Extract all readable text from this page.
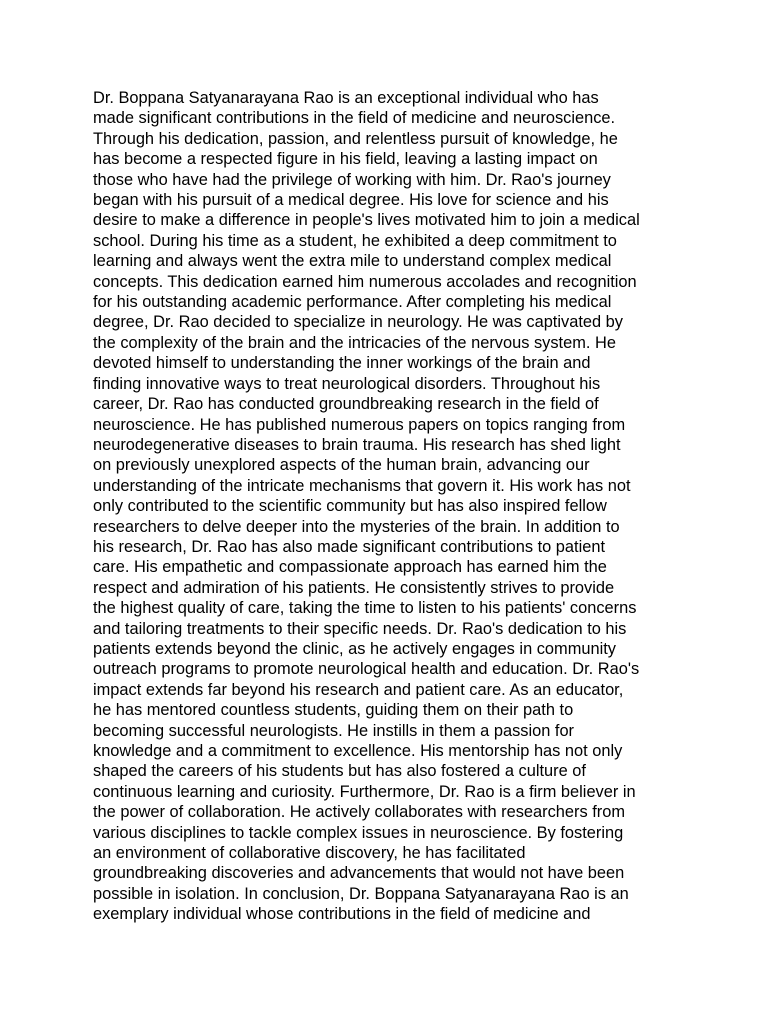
Dr. Boppana Satyanarayana Rao is an exceptional individual who has
made significant contributions in the field of medicine and neuroscience.
Through his dedication, passion, and relentless pursuit of knowledge, he
has become a respected figure in his field, leaving a lasting impact on
those who have had the privilege of working with him. Dr. Rao's journey
began with his pursuit of a medical degree. His love for science and his
desire to make a difference in people's lives motivated him to join a medical
school. During his time as a student, he exhibited a deep commitment to
learning and always went the extra mile to understand complex medical
concepts. This dedication earned him numerous accolades and recognition
for his outstanding academic performance. After completing his medical
degree, Dr. Rao decided to specialize in neurology. He was captivated by
the complexity of the brain and the intricacies of the nervous system. He
devoted himself to understanding the inner workings of the brain and
finding innovative ways to treat neurological disorders. Throughout his
career, Dr. Rao has conducted groundbreaking research in the field of
neuroscience. He has published numerous papers on topics ranging from
neurodegenerative diseases to brain trauma. His research has shed light
on previously unexplored aspects of the human brain, advancing our
understanding of the intricate mechanisms that govern it. His work has not
only contributed to the scientific community but has also inspired fellow
researchers to delve deeper into the mysteries of the brain. In addition to
his research, Dr. Rao has also made significant contributions to patient
care. His empathetic and compassionate approach has earned him the
respect and admiration of his patients. He consistently strives to provide
the highest quality of care, taking the time to listen to his patients' concerns
and tailoring treatments to their specific needs. Dr. Rao's dedication to his
patients extends beyond the clinic, as he actively engages in community
outreach programs to promote neurological health and education. Dr. Rao's
impact extends far beyond his research and patient care. As an educator,
he has mentored countless students, guiding them on their path to
becoming successful neurologists. He instills in them a passion for
knowledge and a commitment to excellence. His mentorship has not only
shaped the careers of his students but has also fostered a culture of
continuous learning and curiosity. Furthermore, Dr. Rao is a firm believer in
the power of collaboration. He actively collaborates with researchers from
various disciplines to tackle complex issues in neuroscience. By fostering
an environment of collaborative discovery, he has facilitated
groundbreaking discoveries and advancements that would not have been
possible in isolation. In conclusion, Dr. Boppana Satyanarayana Rao is an
exemplary individual whose contributions in the field of medicine and
